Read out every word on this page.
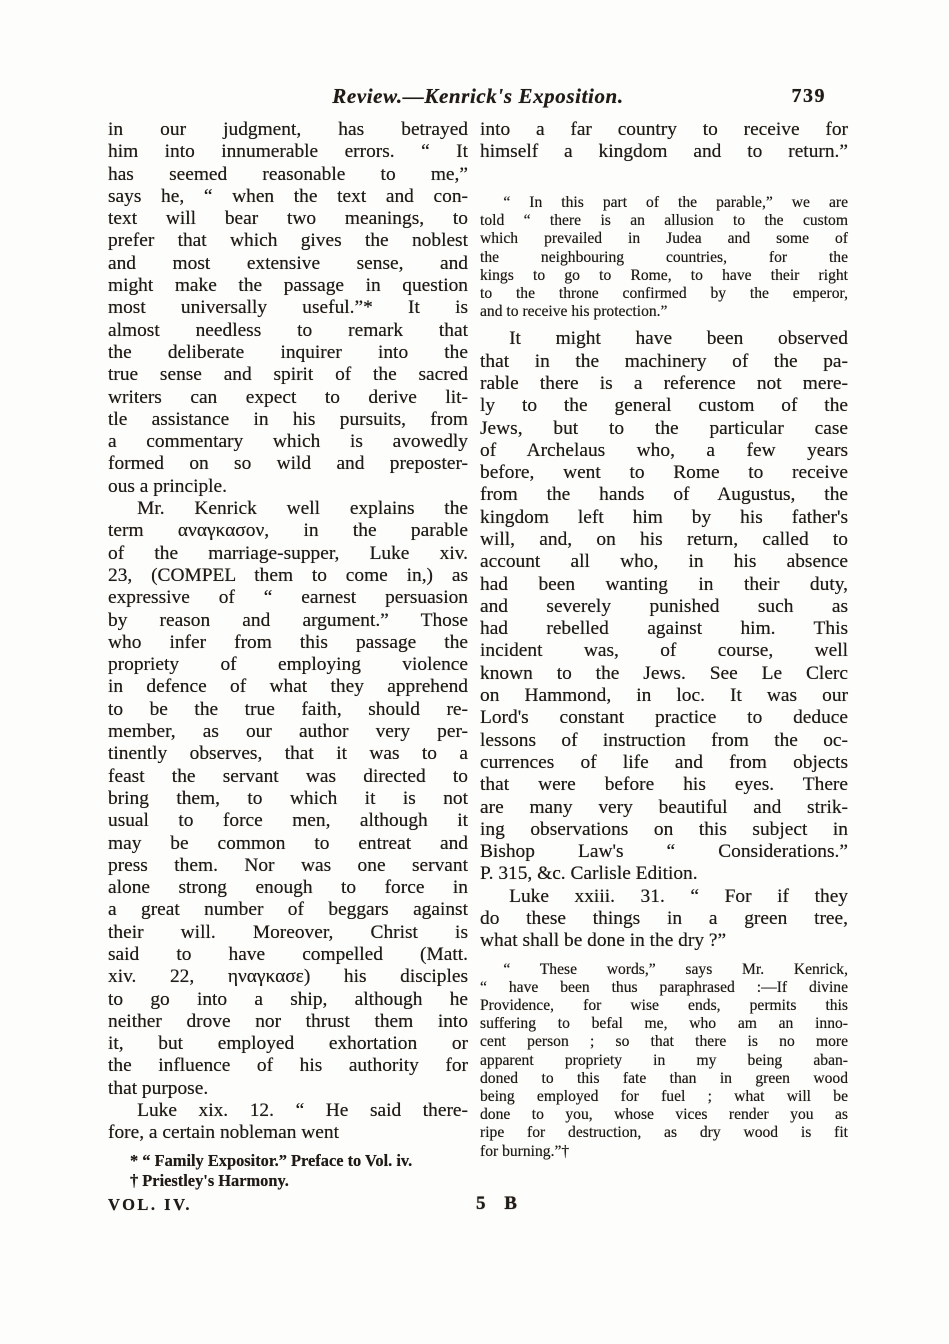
Review.—Kenrick's Exposition.	739
in our judgment, has betrayed
him into innumerable errors. “ It
has seemed reasonable to me,”
says he, “ when the text and con-
text will bear two meanings, to
prefer that which gives the noblest
and most extensive sense, and
might make the passage in question
most universally useful.”* It is
almost needless to remark that
the deliberate inquirer into the
true sense and spirit of the sacred
writers can expect to derive lit-
tle assistance in his pursuits, from
a commentary which is avowedly
formed on so wild and preposter-
ous a principle.
Mr. Kenrick well explains the
term αναγκασον, in the parable
of the marriage-supper, Luke xiv.
23, (COMPEL them to come in,) as
expressive of “ earnest persuasion
by reason and argument.” Those
who infer from this passage the
propriety of employing violence
in defence of what they apprehend
to be the true faith, should re-
member, as our author very per-
tinently observes, that it was to a
feast the servant was directed to
bring them, to which it is not
usual to force men, although it
may be common to entreat and
press them. Nor was one servant
alone strong enough to force in
a great number of beggars against
their will. Moreover, Christ is
said to have compelled (Matt.
xiv. 22, ηναγκασε) his disciples
to go into a ship, although he
neither drove nor thrust them into
it, but employed exhortation or
the influence of his authority for
that purpose.
Luke xix. 12. “ He said there-
fore, a certain nobleman went
into a far country to receive for
himself a kingdom and to return.”

“ In this part of the parable,” we are
told “ there is an allusion to the custom
which prevailed in Judea and some of
the neighbouring countries, for the
kings to go to Rome, to have their right
to the throne confirmed by the emperor,
and to receive his protection.”
It might have been observed
that in the machinery of the pa-
rable there is a reference not mere-
ly to the general custom of the
Jews, but to the particular case
of Archelaus who, a few years
before, went to Rome to receive
from the hands of Augustus, the
kingdom left him by his father's
will, and, on his return, called to
account all who, in his absence
had been wanting in their duty,
and severely punished such as
had rebelled against him. This
incident was, of course, well
known to the Jews. See Le Clerc
on Hammond, in loc. It was our
Lord's constant practice to deduce
lessons of instruction from the oc-
currences of life and from objects
that were before his eyes. There
are many very beautiful and strik-
ing observations on this subject in
Bishop Law's “ Considerations.”
P. 315, &c. Carlisle Edition.
Luke xxiii. 31. “ For if they
do these things in a green tree,
what shall be done in the dry ?”
“ These words,” says Mr. Kenrick,
“ have been thus paraphrased :—If divine
Providence, for wise ends, permits this
suffering to befal me, who am an inno-
cent person ; so that there is no more
apparent propriety in my being aban-
doned to this fate than in green wood
being employed for fuel ; what will be
done to you, whose vices render you as
ripe for destruction, as dry wood is fit
for burning.”†
* “ Family Expositor.” Preface to Vol. iv.
† Priestley's Harmony.
VOL. IV.	5 B
